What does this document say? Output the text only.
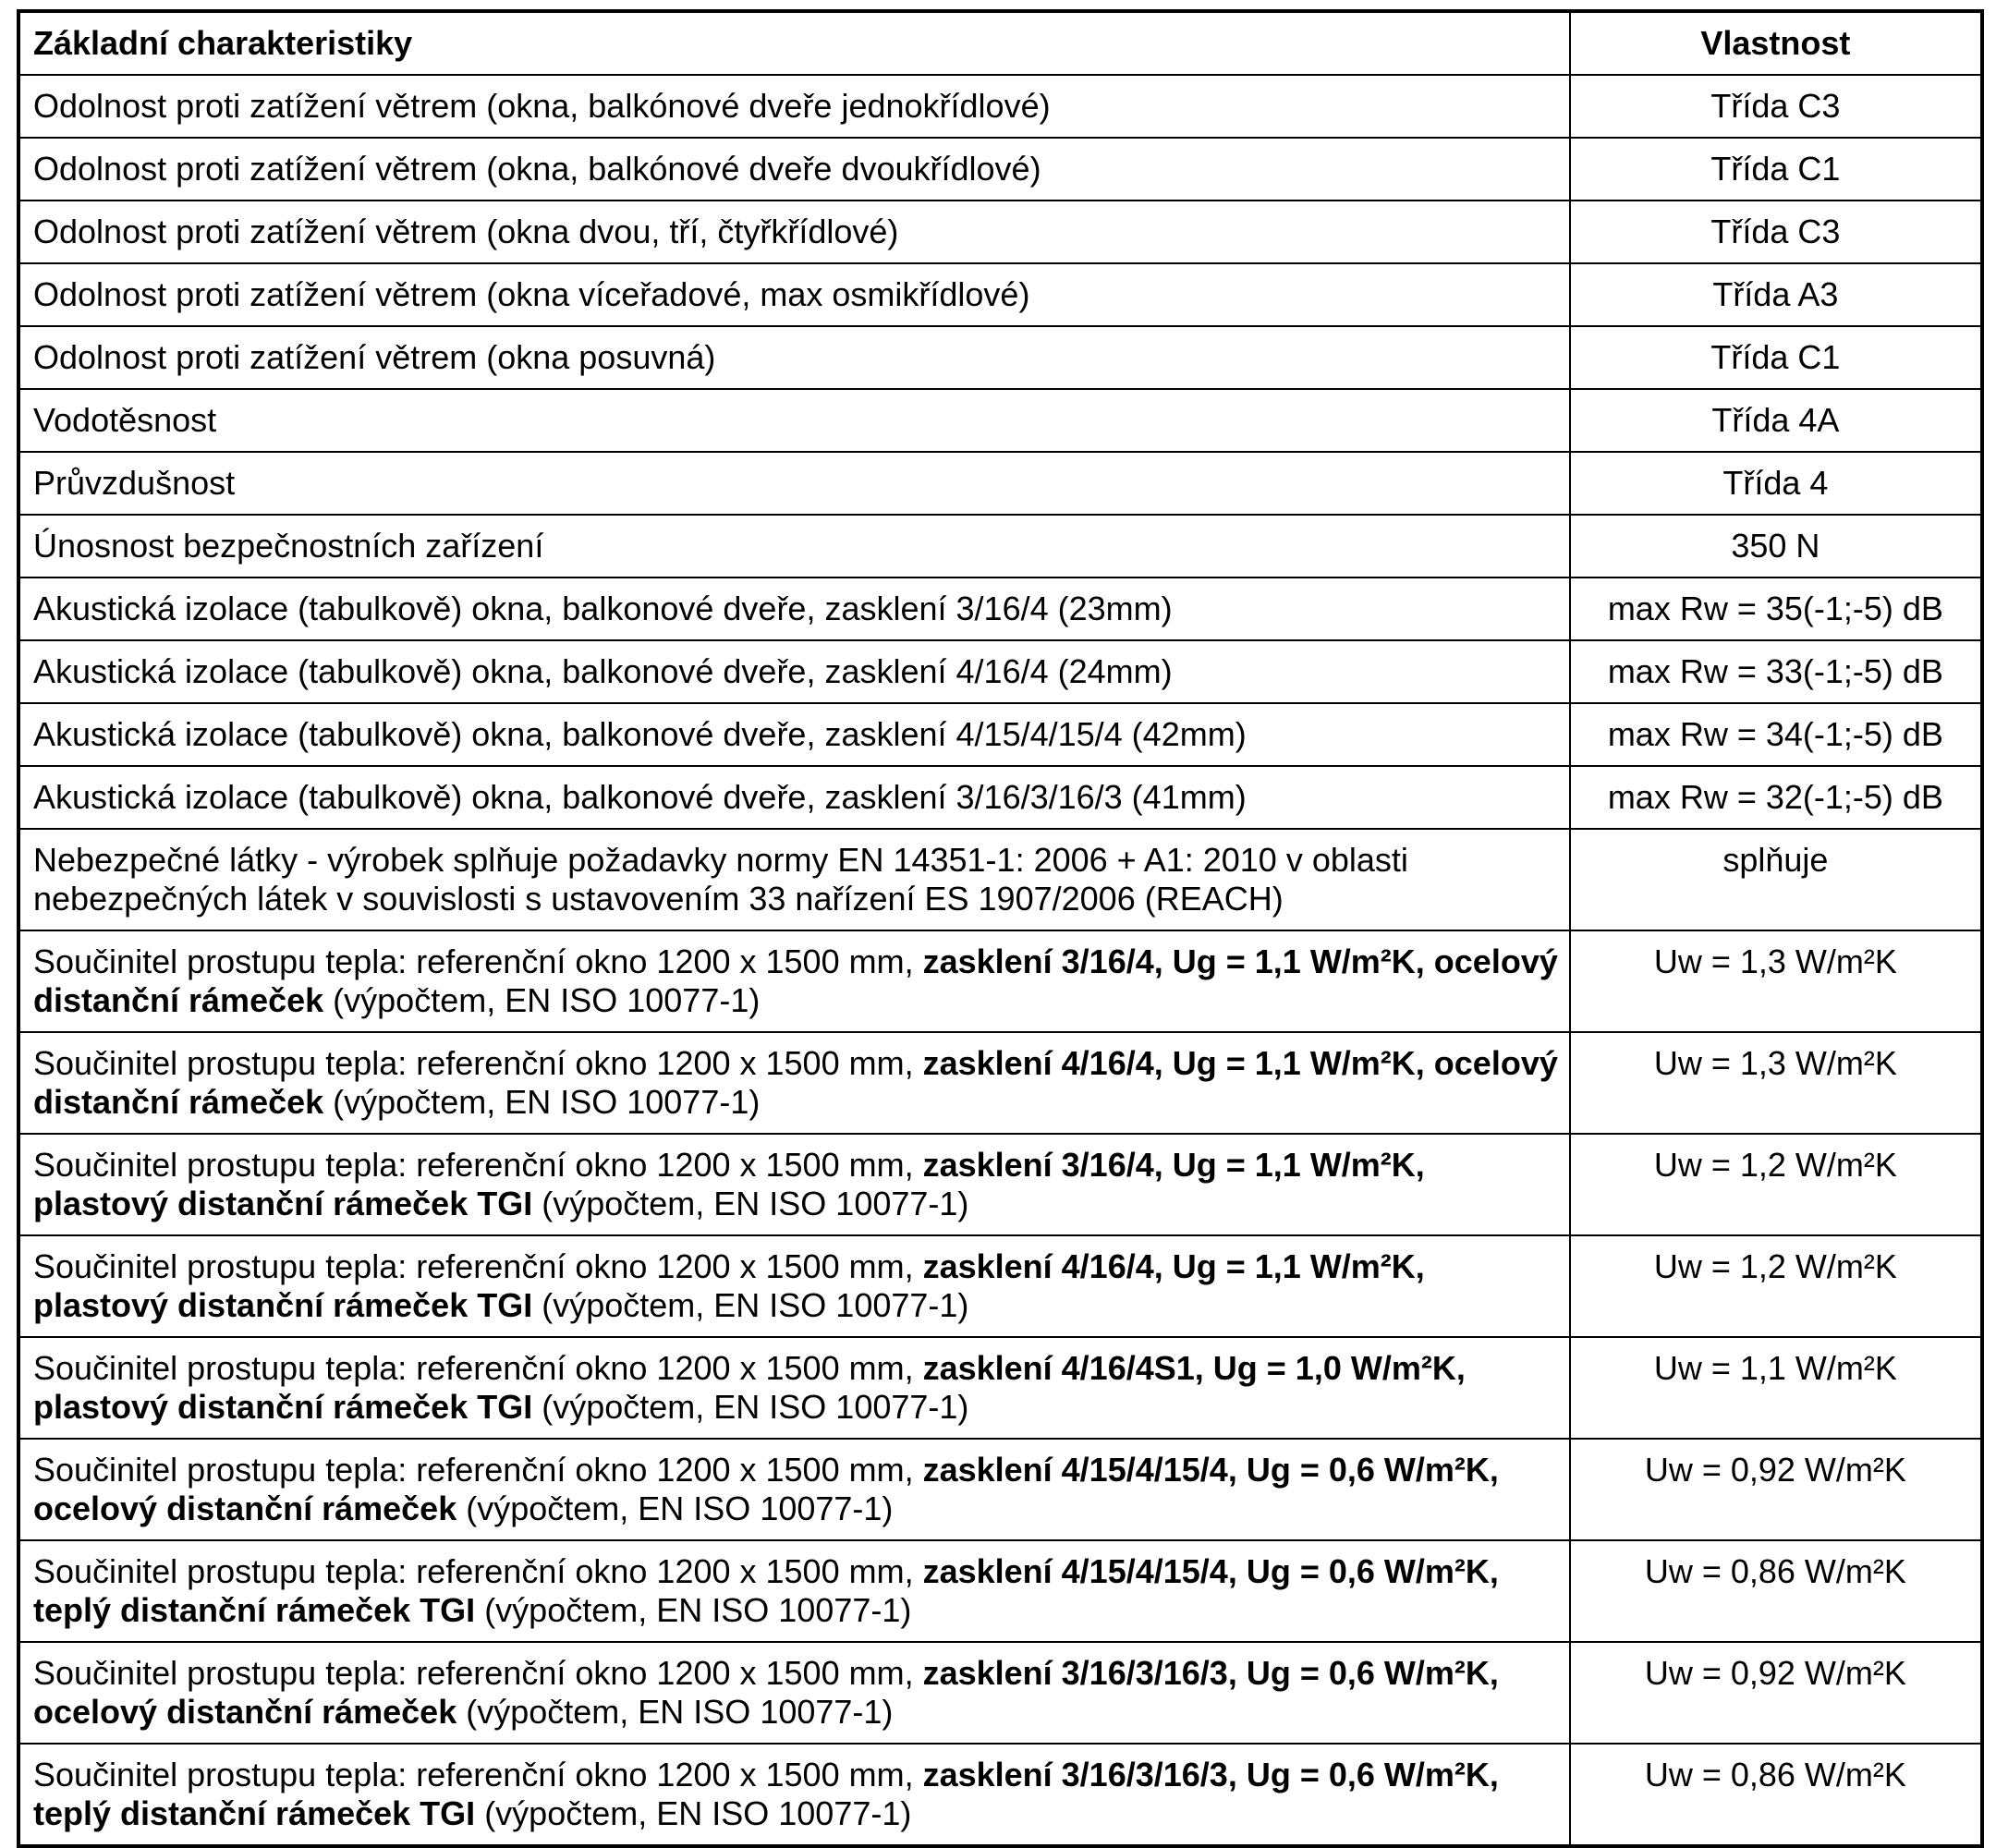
Základní charakteristiky	Vlastnost
Odolnost proti zatížení větrem (okna, balkónové dveře jednokřídlové)	Třída C3
Odolnost proti zatížení větrem (okna, balkónové dveře dvoukřídlové)	Třída C1
Odolnost proti zatížení větrem (okna dvou, tří, čtyřkřídlové)	Třída C3
Odolnost proti zatížení větrem (okna víceřadové, max osmikřídlové)	Třída A3
Odolnost proti zatížení větrem (okna posuvná)	Třída C1
Vodotěsnost	Třída 4A
Průvzdušnost	Třída 4
Únosnost bezpečnostních zařízení	350 N
Akustická izolace (tabulkově) okna, balkonové dveře, zasklení 3/16/4 (23mm)	max Rw = 35(-1;-5) dB
Akustická izolace (tabulkově) okna, balkonové dveře, zasklení 4/16/4 (24mm)	max Rw = 33(-1;-5) dB
Akustická izolace (tabulkově) okna, balkonové dveře, zasklení 4/15/4/15/4 (42mm)	max Rw = 34(-1;-5) dB
Akustická izolace (tabulkově) okna, balkonové dveře, zasklení 3/16/3/16/3 (41mm)	max Rw = 32(-1;-5) dB
Nebezpečné látky - výrobek splňuje požadavky normy EN 14351-1: 2006 + A1: 2010 v oblasti nebezpečných látek v souvislosti s ustavovením 33 nařízení ES 1907/2006 (REACH)	splňuje
Součinitel prostupu tepla: referenční okno 1200 x 1500 mm, zasklení 3/16/4, Ug = 1,1 W/m²K, ocelový distanční rámeček (výpočtem, EN ISO 10077-1)	Uw = 1,3 W/m²K
Součinitel prostupu tepla: referenční okno 1200 x 1500 mm, zasklení 4/16/4, Ug = 1,1 W/m²K, ocelový distanční rámeček (výpočtem, EN ISO 10077-1)	Uw = 1,3 W/m²K
Součinitel prostupu tepla: referenční okno 1200 x 1500 mm, zasklení 3/16/4, Ug = 1,1 W/m²K, plastový distanční rámeček TGI (výpočtem, EN ISO 10077-1)	Uw = 1,2 W/m²K
Součinitel prostupu tepla: referenční okno 1200 x 1500 mm, zasklení 4/16/4, Ug = 1,1 W/m²K, plastový distanční rámeček TGI (výpočtem, EN ISO 10077-1)	Uw = 1,2 W/m²K
Součinitel prostupu tepla: referenční okno 1200 x 1500 mm, zasklení 4/16/4S1, Ug = 1,0 W/m²K, plastový distanční rámeček TGI (výpočtem, EN ISO 10077-1)	Uw = 1,1 W/m²K
Součinitel prostupu tepla: referenční okno 1200 x 1500 mm, zasklení 4/15/4/15/4, Ug = 0,6 W/m²K, ocelový distanční rámeček (výpočtem, EN ISO 10077-1)	Uw = 0,92 W/m²K
Součinitel prostupu tepla: referenční okno 1200 x 1500 mm, zasklení 4/15/4/15/4, Ug = 0,6 W/m²K, teplý distanční rámeček TGI (výpočtem, EN ISO 10077-1)	Uw = 0,86 W/m²K
Součinitel prostupu tepla: referenční okno 1200 x 1500 mm, zasklení 3/16/3/16/3, Ug = 0,6 W/m²K, ocelový distanční rámeček (výpočtem, EN ISO 10077-1)	Uw = 0,92 W/m²K
Součinitel prostupu tepla: referenční okno 1200 x 1500 mm, zasklení 3/16/3/16/3, Ug = 0,6 W/m²K, teplý distanční rámeček TGI (výpočtem, EN ISO 10077-1)	Uw = 0,86 W/m²K
